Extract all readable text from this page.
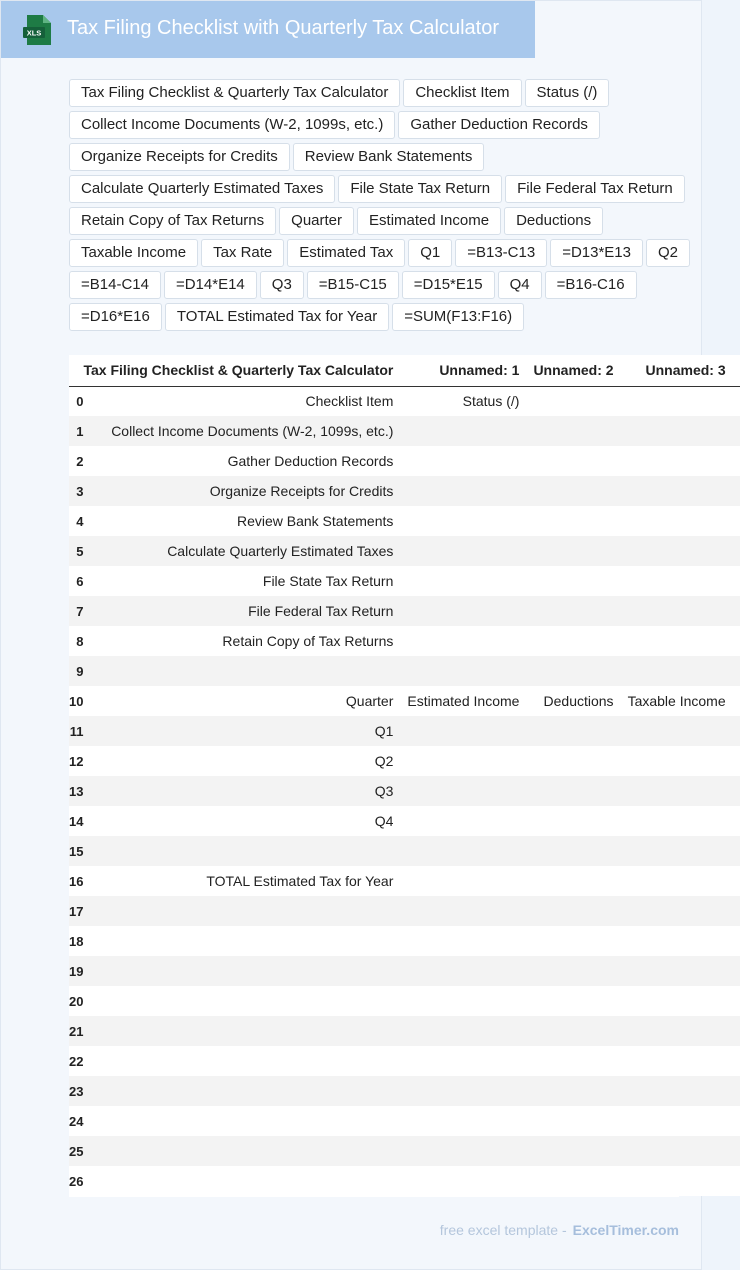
XLS Tax Filing Checklist with Quarterly Tax Calculator
Tax Filing Checklist & Quarterly Tax Calculator	Checklist Item	Status (/)
Collect Income Documents (W-2, 1099s, etc.)	Gather Deduction Records
Organize Receipts for Credits	Review Bank Statements
Calculate Quarterly Estimated Taxes	File State Tax Return	File Federal Tax Return
Retain Copy of Tax Returns	Quarter	Estimated Income	Deductions
Taxable Income	Tax Rate	Estimated Tax	Q1	=B13-C13	=D13*E13	Q2
=B14-C14	=D14*E14	Q3	=B15-C15	=D15*E15	Q4	=B16-C16
=D16*E16	TOTAL Estimated Tax for Year	=SUM(F13:F16)
	Tax Filing Checklist & Quarterly Tax Calculator	Unnamed: 1	Unnamed: 2	Unnamed: 3
0	Checklist Item	Status (/)		
1	Collect Income Documents (W-2, 1099s, etc.)			
2	Gather Deduction Records			
3	Organize Receipts for Credits			
4	Review Bank Statements			
5	Calculate Quarterly Estimated Taxes			
6	File State Tax Return			
7	File Federal Tax Return			
8	Retain Copy of Tax Returns			
9				
10	Quarter	Estimated Income	Deductions	Taxable Income
11	Q1			
12	Q2			
13	Q3			
14	Q4			
15				
16	TOTAL Estimated Tax for Year			
17				
18				
19				
20				
21				
22				
23				
24				
25				
26				
free excel template - ExcelTimer.com
